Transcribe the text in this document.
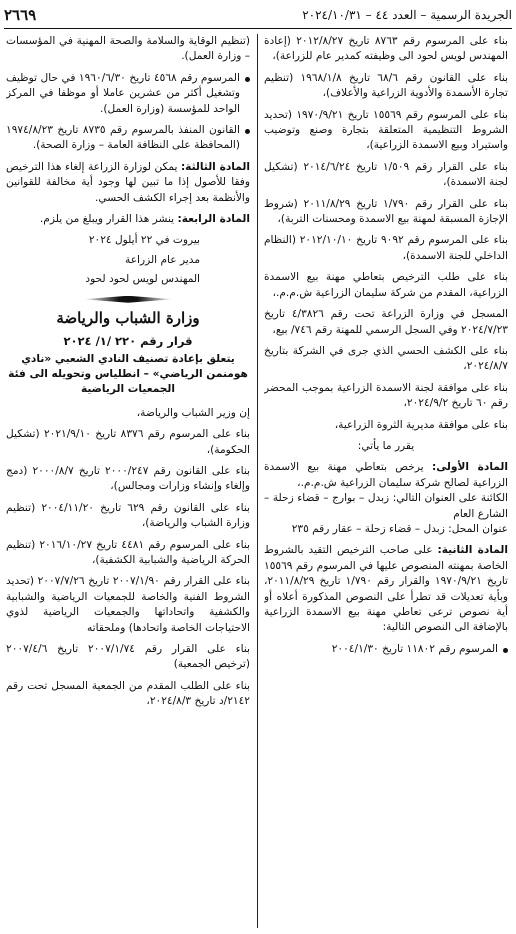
الجريدة الرسمية – العدد ٤٤ – ٢٠٢٤/١٠/٣١
٢٦٦٩

بناء على المرسوم رقم ٨٧٦٣ تاريخ ٢٠١٢/٨/٢٧ (إعادة المهندس لويس لحود الى وظيفته كمدير عام للزراعة)،

بناء على القانون رقم ٦٨/٦ تاريخ ١٩٦٨/١/٨ (تنظيم تجارة الأسمدة والأدوية الزراعية والأعلاف)،

بناء على المرسوم رقم ١٥٥٦٩ تاريخ ١٩٧٠/٩/٢١ (تحديد الشروط التنظيمية المتعلقة بتجارة وصنع وتوضيب واستيراد وبيع الاسمدة الزراعية)،

بناء على القرار رقم ١/٥٠٩ تاريخ ٢٠١٤/٦/٢٤ (تشكيل لجنة الاسمدة)،

بناء على القرار رقم ١/٧٩٠ تاريخ ٢٠١١/٨/٢٩ (شروط الإجازة المسبقة لمهنة بيع الاسمدة ومحسنات التربة)،

بناء على المرسوم رقم ٩٠٩٢ تاريخ ٢٠١٢/١٠/١٠ (النظام الداخلي للجنة الاسمدة)،

بناء على طلب الترخيص بتعاطي مهنة بيع الاسمدة الزراعية، المقدم من شركة سليمان الزراعية ش.م.م.،

المسجل في وزارة الزراعة تحت رقم ٤/٣٨٢٦ تاريخ ٢٠٢٤/٧/٢٣ وفي السجل الرسمي للمهنة رقم ٧٤٦/ بيع،

بناء على الكشف الحسي الذي جرى في الشركة بتاريخ ٢٠٢٤/٨/٧،

بناء على موافقة لجنة الاسمدة الزراعية بموجب المحضر رقم ٦٠ تاريخ ٢٠٢٤/٩/٢،

بناء على موافقة مديرية الثروة الزراعية،

يقرر ما يأتي:

المادة الأولى: يرخص بتعاطي مهنة بيع الاسمدة الزراعية لصالح شركة سليمان الزراعية ش.م.م.،
الكائنة على العنوان التالي: زبدل – بوارج – قضاء زحلة – الشارع العام
عنوان المحل: زبدل – قضاء زحلة – عقار رقم ٢٣٥

المادة الثانية: على صاحب الترخيص التقيد بالشروط الخاصة بمهنته المنصوص عليها في المرسوم رقم ١٥٥٦٩ تاريخ ١٩٧٠/٩/٢١ والقرار رقم ١/٧٩٠ تاريخ ٢٠١١/٨/٢٩، وبأية تعديلات قد تطرأ على النصوص المذكورة أعلاه أو أية نصوص ترعى تعاطي مهنة بيع الاسمدة الزراعية بالإضافة الى النصوص التالية:

المرسوم رقم ١١٨٠٢ تاريخ ٢٠٠٤/١/٣٠

(تنظيم الوقاية والسلامة والصحة المهنية في المؤسسات – وزارة العمل).

المرسوم رقم ٤٥٦٨ تاريخ ١٩٦٠/٦/٣٠ في حال توظيف وتشغيل أكثر من عشرين عاملا أو موظفا في المركز الواحد للمؤسسة (وزارة العمل).

القانون المنفذ بالمرسوم رقم ٨٧٣٥ تاريخ ١٩٧٤/٨/٢٣ (المحافظة على النظافة العامة – وزارة الصحة).

المادة الثالثة: يمكن لوزارة الزراعة إلغاء هذا الترخيص وفقا للأصول إذا ما تبين لها وجود أية مخالفة للقوانين والأنظمة بعد إجراء الكشف الحسي.

المادة الرابعة: ينشر هذا القرار ويبلغ من يلزم.

بيروت في ٢٢ أيلول ٢٠٢٤

مدير عام الزراعة

المهندس لويس لحود لحود

وزارة الشباب والرياضة

قرار رقم ٢٢٠ /١/ ٢٠٢٤

يتعلق بإعادة تصنيف النادي الشعبي «نادي هومنمن الرياضي» – انطلياس وتحويله الى فئة الجمعيات الرياضية

إن وزير الشباب والرياضة،

بناء على المرسوم رقم ٨٣٧٦ تاريخ ٢٠٢١/٩/١٠ (تشكيل الحكومة)،

بناء على القانون رقم ٢٠٠٠/٢٤٧ تاريخ ٢٠٠٠/٨/٧ (دمج وإلغاء وإنشاء وزارات ومجالس)،

بناء على القانون رقم ٦٢٩ تاريخ ٢٠٠٤/١١/٢٠ (تنظيم وزارة الشباب والرياضة)،

بناء على المرسوم رقم ٤٤٨١ تاريخ ٢٠١٦/١٠/٢٧ (تنظيم الحركة الرياضية والشبابية الكشفية)،

بناء على القرار رقم ٢٠٠٧/١/٩٠ تاريخ ٢٠٠٧/٧/٢٦ (تحديد الشروط الفنية والخاصة للجمعيات الرياضية والشبابية والكشفية واتحاداتها والجمعيات الرياضية لذوي الاحتياجات الخاصة واتحادها) وملحقاته

بناء على القرار رقم ٢٠٠٧/١/٧٤ تاريخ ٢٠٠٧/٤/٦ (ترخيص الجمعية)

بناء على الطلب المقدم من الجمعية المسجل تحت رقم ٢١٤٢/د تاريخ ٢٠٢٤/٨/٣،
